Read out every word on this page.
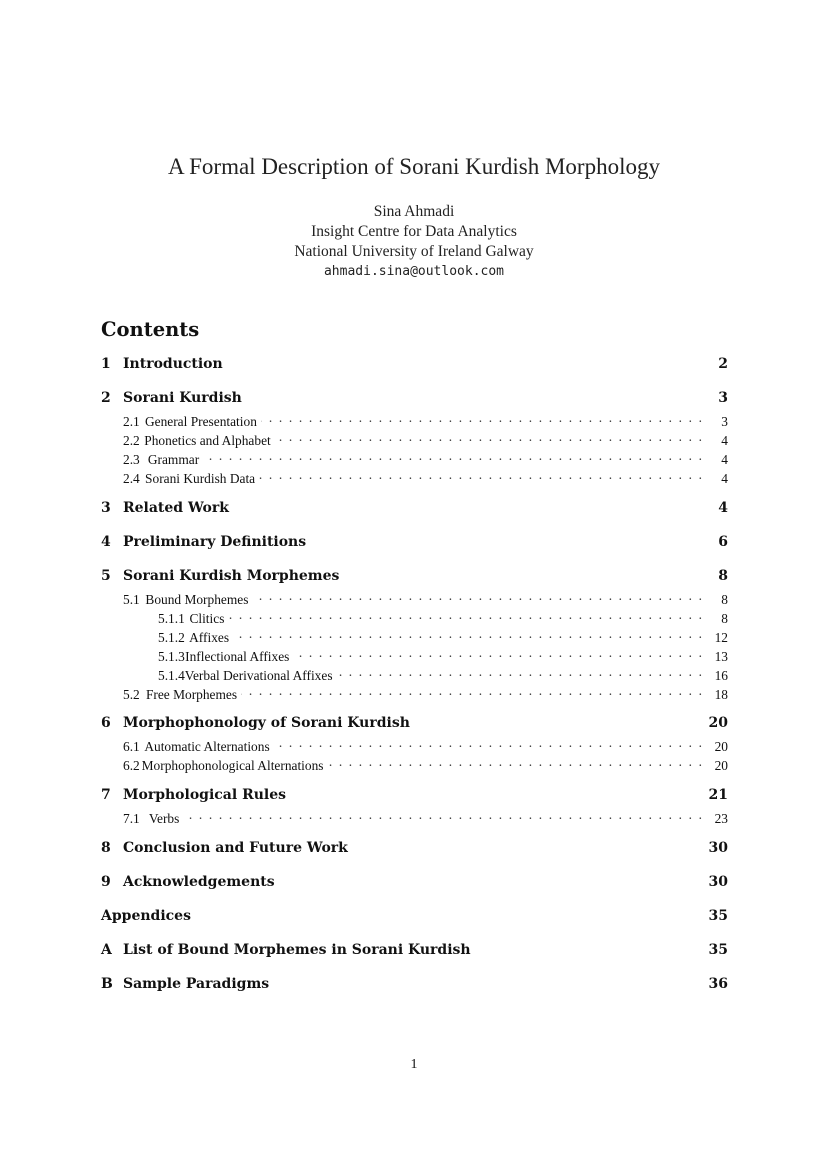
A Formal Description of Sorani Kurdish Morphology
Sina Ahmadi
Insight Centre for Data Analytics
National University of Ireland Galway
ahmadi.sina@outlook.com
Contents
1 Introduction	2
2 Sorani Kurdish	3
2.1 General Presentation . . .	3
2.2 Phonetics and Alphabet . . .	4
2.3 Grammar . . .	4
2.4 Sorani Kurdish Data . . .	4
3 Related Work	4
4 Preliminary Definitions	6
5 Sorani Kurdish Morphemes	8
5.1 Bound Morphemes . . .	8
5.1.1 Clitics . . .	8
5.1.2 Affixes . . .	12
5.1.3 Inflectional Affixes . . .	13
5.1.4 Verbal Derivational Affixes . . .	16
5.2 Free Morphemes . . .	18
6 Morphophonology of Sorani Kurdish	20
6.1 Automatic Alternations . . .	20
6.2 Morphophonological Alternations . . .	20
7 Morphological Rules	21
7.1 Verbs . . .	23
8 Conclusion and Future Work	30
9 Acknowledgements	30
Appendices	35
A List of Bound Morphemes in Sorani Kurdish	35
B Sample Paradigms	36
1
